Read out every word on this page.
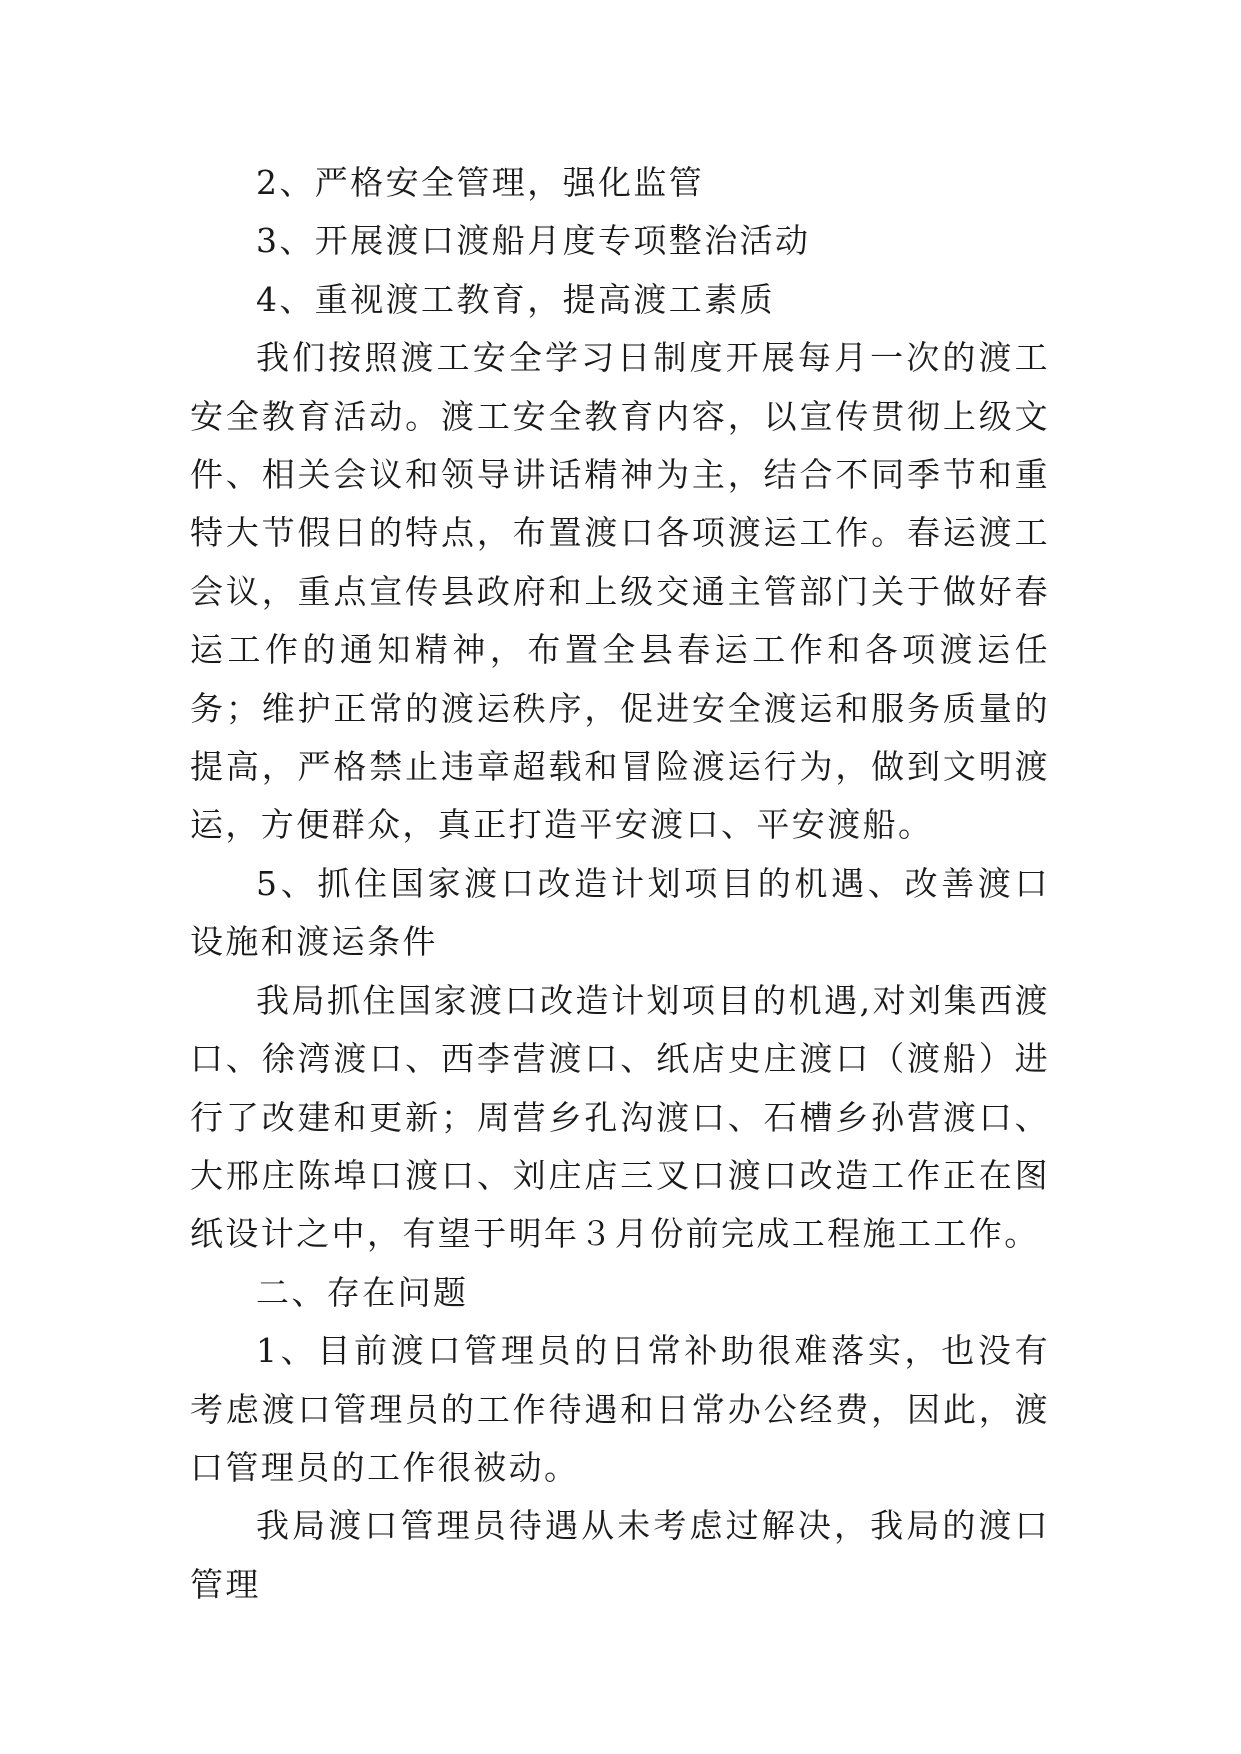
2、严格安全管理，强化监管

3、开展渡口渡船月度专项整治活动

4、重视渡工教育，提高渡工素质

我们按照渡工安全学习日制度开展每月一次的渡工安全教育活动。渡工安全教育内容，以宣传贯彻上级文件、相关会议和领导讲话精神为主，结合不同季节和重特大节假日的特点，布置渡口各项渡运工作。春运渡工会议，重点宣传县政府和上级交通主管部门关于做好春运工作的通知精神，布置全县春运工作和各项渡运任务；维护正常的渡运秩序，促进安全渡运和服务质量的提高，严格禁止违章超载和冒险渡运行为，做到文明渡运，方便群众，真正打造平安渡口、平安渡船。

5、抓住国家渡口改造计划项目的机遇、改善渡口设施和渡运条件

我局抓住国家渡口改造计划项目的机遇,对刘集西渡口、徐湾渡口、西李营渡口、纸店史庄渡口（渡船）进行了改建和更新；周营乡孔沟渡口、石槽乡孙营渡口、大邢庄陈埠口渡口、刘庄店三叉口渡口改造工作正在图纸设计之中，有望于明年３月份前完成工程施工工作。

二、存在问题

1、目前渡口管理员的日常补助很难落实，也没有考虑渡口管理员的工作待遇和日常办公经费，因此，渡口管理员的工作很被动。

我局渡口管理员待遇从未考虑过解决，我局的渡口管理
